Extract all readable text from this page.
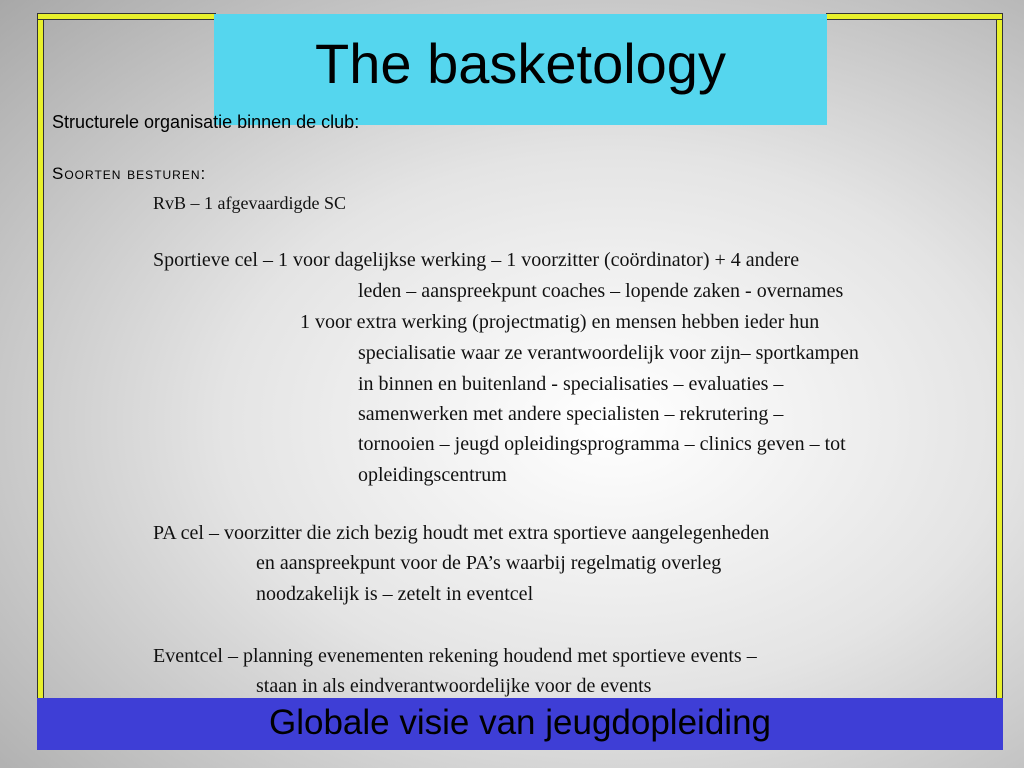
The basketology
Structurele organisatie binnen de club:
Soorten besturen:
RvB – 1 afgevaardigde SC
Sportieve cel – 1 voor dagelijkse werking – 1 voorzitter (coördinator) + 4 andere
leden – aanspreekpunt coaches – lopende zaken - overnames
1 voor extra werking (projectmatig) en mensen hebben ieder hun
specialisatie waar ze verantwoordelijk voor zijn– sportkampen
in binnen en buitenland - specialisaties – evaluaties –
samenwerken met andere specialisten – rekrutering –
tornooien – jeugd opleidingsprogramma – clinics geven – tot
opleidingscentrum
PA cel – voorzitter die zich bezig houdt met extra sportieve aangelegenheden
en aanspreekpunt voor de PA’s waarbij regelmatig overleg
noodzakelijk is – zetelt in eventcel
Eventcel – planning evenementen rekening houdend met sportieve events –
staan in als eindverantwoordelijke voor de events
Globale visie van jeugdopleiding
